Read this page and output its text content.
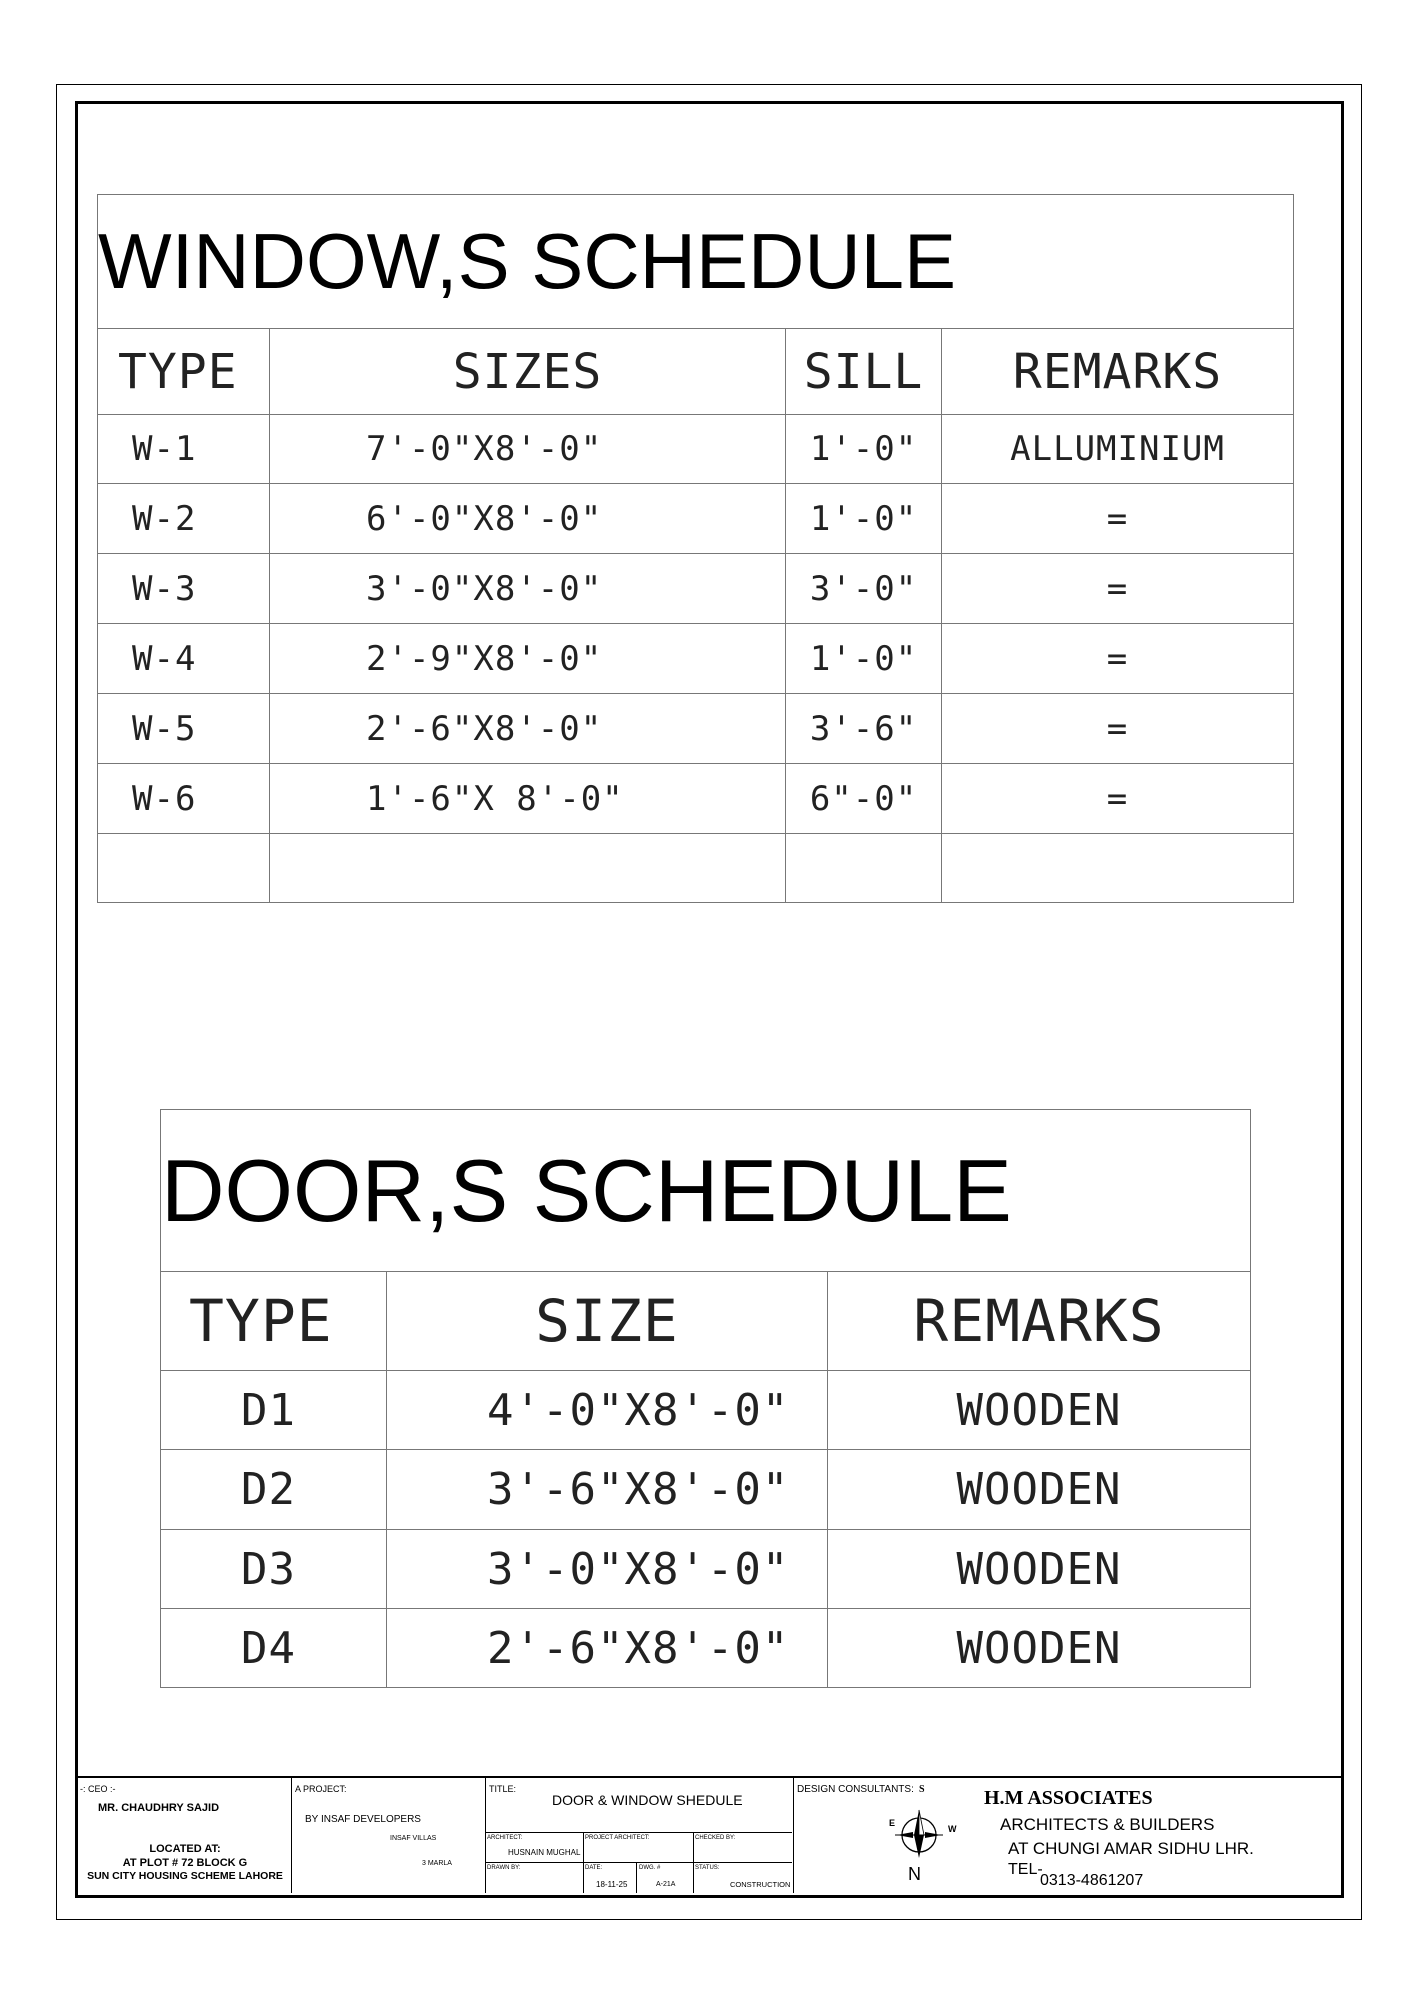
WINDOW,S SCHEDULE			
TYPE	SIZES	SILL	REMARKS
W-1	7'-0"X8'-0"	1'-0"	ALLUMINIUM
W-2	6'-0"X8'-0"	1'-0"	=
W-3	3'-0"X8'-0"	3'-0"	=
W-4	2'-9"X8'-0"	1'-0"	=
W-5	2'-6"X8'-0"	3'-6"	=
W-6	1'-6"X 8'-0"	6"-0"	=

DOOR,S SCHEDULE		
TYPE	SIZE	REMARKS
D1	4'-0"X8'-0"	WOODEN
D2	3'-6"X8'-0"	WOODEN
D3	3'-0"X8'-0"	WOODEN
D4	2'-6"X8'-0"	WOODEN
-: CEO :-
MR. CHAUDHRY SAJID
LOCATED AT:
AT PLOT # 72 BLOCK G
SUN CITY HOUSING SCHEME LAHORE
A PROJECT:
BY INSAF DEVELOPERS
INSAF VILLAS
3 MARLA
TITLE:
DOOR & WINDOW SHEDULE
ARCHITECT:
HUSNAIN MUGHAL
PROJECT ARCHITECT:	CHECKED BY:
DRAWN BY:	DATE:
18-11-25
DWG. #
A-21A
STATUS:
CONSTRUCTION
DESIGN CONSULTANTS: S
E
W
N
H.M ASSOCIATES
ARCHITECTS & BUILDERS
AT CHUNGI AMAR SIDHU LHR.
TEL-
0313-4861207
